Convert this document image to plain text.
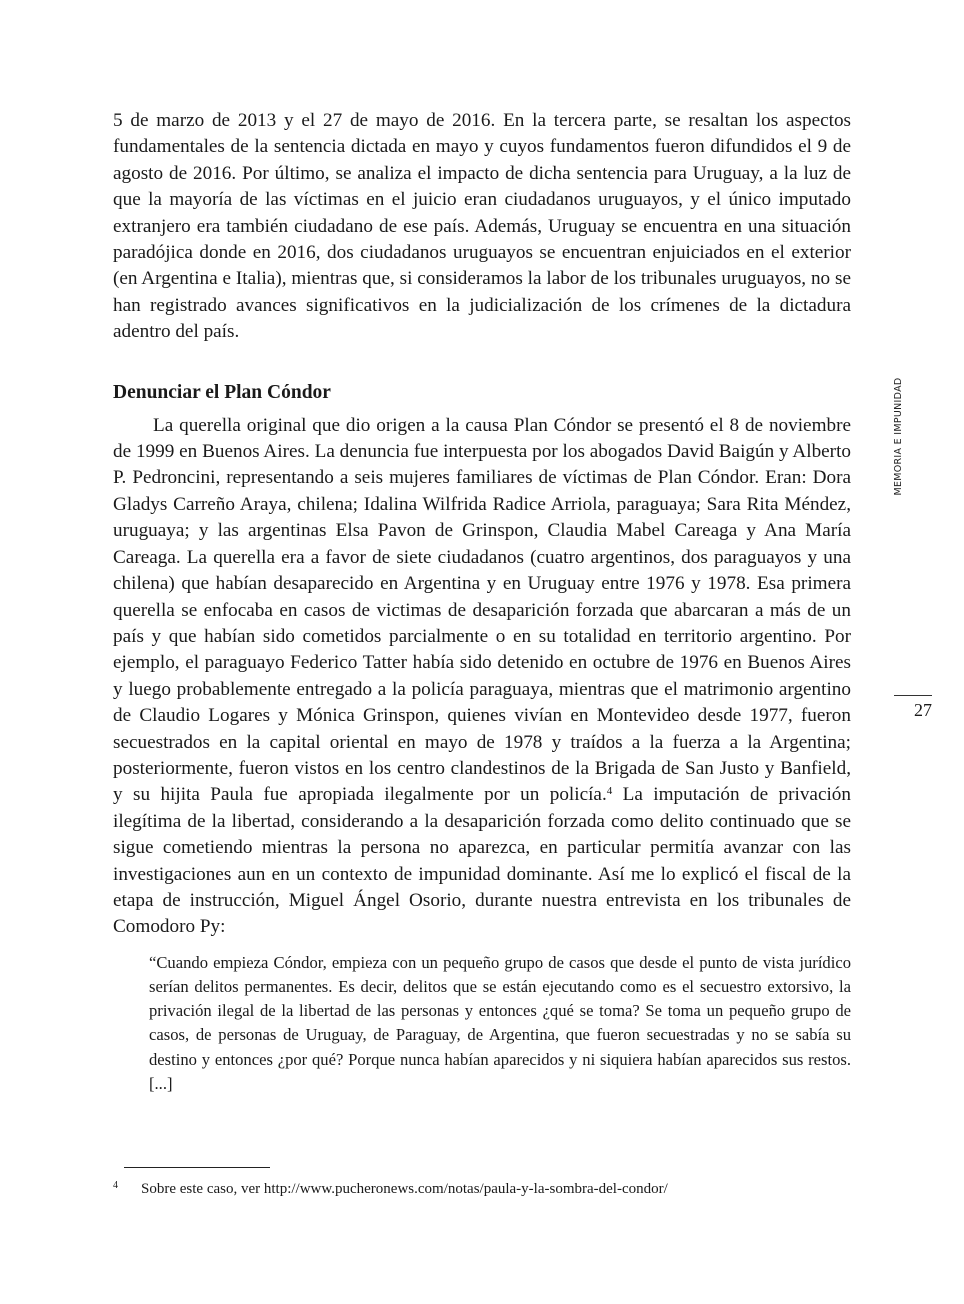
5 de marzo de 2013 y el 27 de mayo de 2016. En la tercera parte, se resaltan los aspectos fundamentales de la sentencia dictada en mayo y cuyos fundamentos fueron difundidos el 9 de agosto de 2016. Por último, se analiza el impacto de dicha sentencia para Uruguay, a la luz de que la mayoría de las víctimas en el juicio eran ciudadanos uruguayos, y el único imputado extranjero era también ciudadano de ese país. Además, Uruguay se encuentra en una situación paradójica donde en 2016, dos ciudadanos uruguayos se encuentran enjuiciados en el exterior (en Argentina e Italia), mientras que, si consideramos la labor de los tribunales uruguayos, no se han registrado avances significativos en la judicialización de los crímenes de la dictadura adentro del país.

Denunciar el Plan Cóndor

La querella original que dio origen a la causa Plan Cóndor se presentó el 8 de noviembre de 1999 en Buenos Aires. La denuncia fue interpuesta por los abogados David Baigún y Alberto P. Pedroncini, representando a seis mujeres familiares de víctimas de Plan Cóndor. Eran: Dora Gladys Carreño Araya, chilena; Idalina Wilfrida Radice Arriola, paraguaya; Sara Rita Méndez, uruguaya; y las argentinas Elsa Pavon de Grinspon, Claudia Mabel Careaga y Ana María Careaga. La querella era a favor de siete ciudadanos (cuatro argentinos, dos paraguayos y una chilena) que habían desaparecido en Argentina y en Uruguay entre 1976 y 1978. Esa primera querella se enfocaba en casos de victimas de desaparición forzada que abarcaran a más de un país y que habían sido cometidos parcialmente o en su totalidad en territorio argentino. Por ejemplo, el paraguayo Federico Tatter había sido detenido en octubre de 1976 en Buenos Aires y luego probablemente entregado a la policía paraguaya, mientras que el matrimonio argentino de Claudio Logares y Mónica Grinspon, quienes vivían en Montevideo desde 1977, fueron secuestrados en la capital oriental en mayo de 1978 y traídos a la fuerza a la Argentina; posteriormente, fueron vistos en los centro clandestinos de la Brigada de San Justo y Banfield, y su hijita Paula fue apropiada ilegalmente por un policía.$^4$ La imputación de privación ilegítima de la libertad, considerando a la desaparición forzada como delito continuado que se sigue cometiendo mientras la persona no aparezca, en particular permitía avanzar con las investigaciones aun en un contexto de impunidad dominante. Así me lo explicó el fiscal de la etapa de instrucción, Miguel Ángel Osorio, durante nuestra entrevista en los tribunales de Comodoro Py:

“Cuando empieza Cóndor, empieza con un pequeño grupo de casos que desde el punto de vista jurídico serían delitos permanentes. Es decir, delitos que se están ejecutando como es el secuestro extorsivo, la privación ilegal de la libertad de las personas y entonces ¿qué se toma? Se toma un pequeño grupo de casos, de personas de Uruguay, de Paraguay, de Argentina, que fueron secuestradas y no se sabía su destino y entonces ¿por qué? Porque nunca habían aparecidos y ni siquiera habían aparecidos sus restos. [...]

MEMORIA E IMPUNIDAD
27
4 Sobre este caso, ver http://www.pucheronews.com/notas/paula-y-la-sombra-del-condor/
